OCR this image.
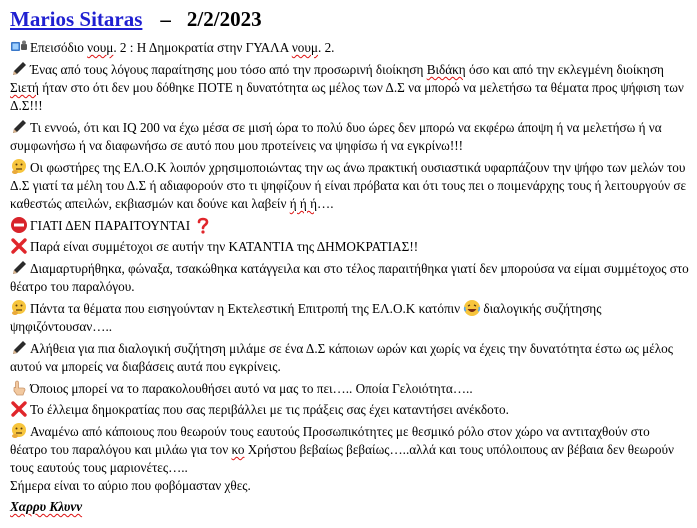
Marios Sitaras – 2/2/2023
Επεισόδιο νουμ. 2 : Η Δημοκρατία στην ΓΥΑΛΑ νουμ. 2.
Ένας από τους λόγους παραίτησης μου τόσο από την προσωρινή διοίκηση Βιδάκη όσο και από την εκλεγμένη διοίκηση Σιετή ήταν στο ότι δεν μου δόθηκε ΠΟΤΕ η δυνατότητα ως μέλος των Δ.Σ να μπορώ να μελετήσω τα θέματα προς ψήφιση των Δ.Σ!!!
Τι εννοώ, ότι και IQ 200 να έχω μέσα σε μισή ώρα το πολύ δυο ώρες δεν μπορώ να εκφέρω άποψη ή να μελετήσω ή να συμφωνήσω ή να διαφωνήσω σε αυτό που μου προτείνεις να ψηφίσω ή να εγκρίνω!!!
Οι φωστήρες της ΕΛ.Ο.Κ λοιπόν χρησιμοποιώντας την ως άνω πρακτική ουσιαστικά υφαρπάζουν την ψήφο των μελών του Δ.Σ γιατί τα μέλη του Δ.Σ ή αδιαφορούν στο τι ψηφίζουν ή είναι πρόβατα και ότι τους πει ο ποιμενάρχης τους ή λειτουργούν σε καθεστώς απειλών, εκβιασμών και δούνε και λαβείν ή ή ή….
ΓΙΑΤΙ ΔΕΝ ΠΑΡΑΙΤΟΥΝΤΑΙ
Παρά είναι συμμέτοχοι σε αυτήν την ΚΑΤΑΝΤΙΑ της ΔΗΜΟΚΡΑΤΙΑΣ!!
Διαμαρτυρήθηκα, φώναξα, τσακώθηκα κατάγγειλα και στο τέλος παραιτήθηκα γιατί δεν μπορούσα να είμαι συμμέτοχος στο θέατρο του παραλόγου.
Πάντα τα θέματα που εισηγούνταν η Εκτελεστική Επιτροπή της ΕΛ.Ο.Κ κατόπιν
διαλογικής συζήτησης ψηφιζόντουσαν…..
Αλήθεια για πια διαλογική συζήτηση μιλάμε σε ένα Δ.Σ κάποιων ωρών και χωρίς να έχεις την δυνατότητα έστω ως μέλος αυτού να μπορείς να διαβάσεις αυτά που εγκρίνεις.
Όποιος μπορεί να το παρακολουθήσει αυτό να μας το πει….. Οποία Γελοιότητα…..
Το έλλειμα δημοκρατίας που σας περιβάλλει με τις πράξεις σας έχει καταντήσει ανέκδοτο.
Αναμένω από κάποιους που θεωρούν τους εαυτούς Προσωπικότητες με θεσμικό ρόλο στον χώρο να αντιταχθούν στο θέατρο του παραλόγου και μιλάω για τον κο Χρήστου βεβαίως βεβαίως…..αλλά και τους υπόλοιπους αν βέβαια δεν θεωρούν τους εαυτούς τους μαριονέτες…..
Σήμερα είναι το αύριο που φοβόμασταν χθες.
Χαρρυ Κλυνν
